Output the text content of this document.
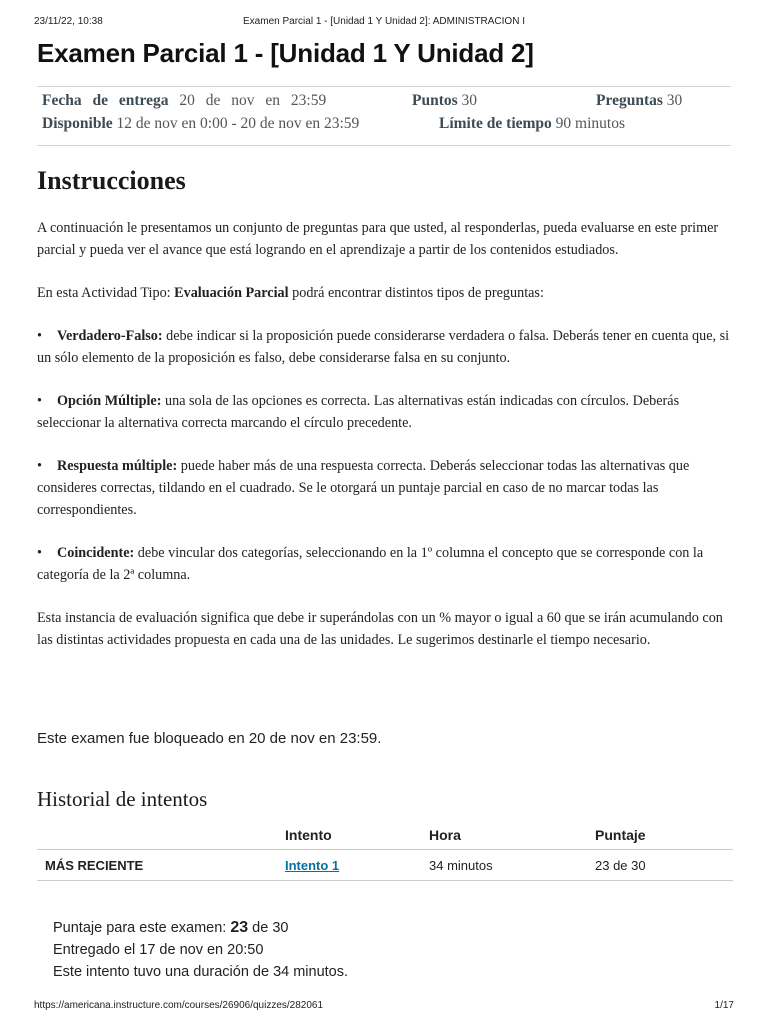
23/11/22, 10:38	Examen Parcial 1 - [Unidad 1 Y Unidad 2]: ADMINISTRACION I
Examen Parcial 1 - [Unidad 1 Y Unidad 2]
Fecha de entrega 20 de nov en 23:59	Puntos 30	Preguntas 30
Disponible 12 de nov en 0:00 - 20 de nov en 23:59	Límite de tiempo 90 minutos
Instrucciones

A continuación le presentamos un conjunto de preguntas para que usted, al responderlas, pueda evaluarse en este primer parcial y pueda ver el avance que está logrando en el aprendizaje a partir de los contenidos estudiados.

En esta Actividad Tipo: Evaluación Parcial podrá encontrar distintos tipos de preguntas:

• Verdadero-Falso: debe indicar si la proposición puede considerarse verdadera o falsa. Deberás tener en cuenta que, si un sólo elemento de la proposición es falso, debe considerarse falsa en su conjunto.

• Opción Múltiple: una sola de las opciones es correcta. Las alternativas están indicadas con círculos. Deberás seleccionar la alternativa correcta marcando el círculo precedente.

• Respuesta múltiple: puede haber más de una respuesta correcta. Deberás seleccionar todas las alternativas que consideres correctas, tildando en el cuadrado. Se le otorgará un puntaje parcial en caso de no marcar todas las correspondientes.

• Coincidente: debe vincular dos categorías, seleccionando en la 1º columna el concepto que se corresponde con la categoría de la 2ª columna.

Esta instancia de evaluación significa que debe ir superándolas con un % mayor o igual a 60 que se irán acumulando con las distintas actividades propuesta en cada una de las unidades. Le sugerimos destinarle el tiempo necesario.

Este examen fue bloqueado en 20 de nov en 23:59.
Historial de intentos
	Intento	Hora	Puntaje
MÁS RECIENTE	Intento 1	34 minutos	23 de 30
Puntaje para este examen: 23 de 30
Entregado el 17 de nov en 20:50
Este intento tuvo una duración de 34 minutos.
https://americana.instructure.com/courses/26906/quizzes/282061	1/17
